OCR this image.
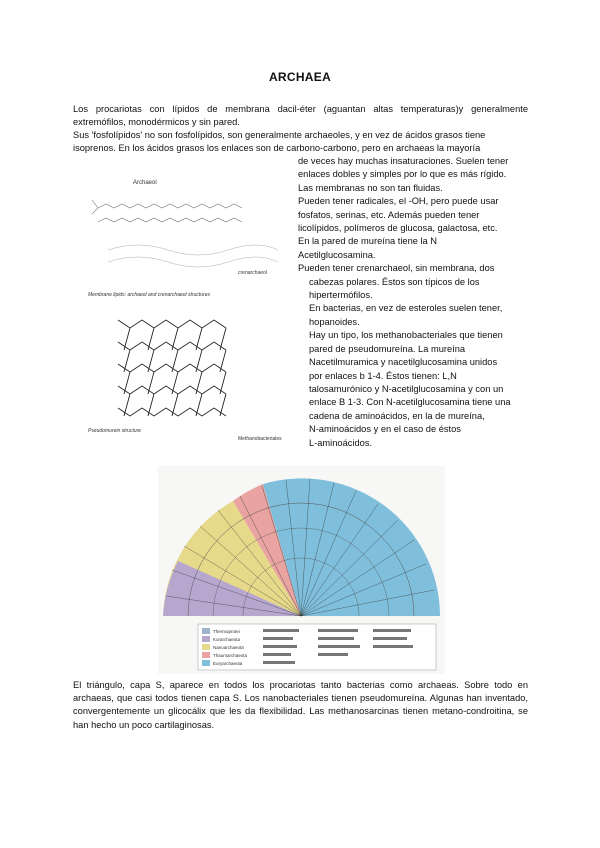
ARCHAEA
Los procariotas con lípidos de membrana dacil-éter (aguantan altas temperaturas)y generalmente extremófilos, monodérmicos y sin pared.
Sus 'fosfolípidos' no son fosfolípidos, son generalmente archaeoles, y en vez de ácidos grasos tiene
isoprenos. En los ácidos grasos los enlaces son de carbono-carbono, pero en archaeas la mayoría
Archaeol
crenarchaeol
Membrane lipids: archaeol and crenarchaeol structures
Pseudomurein structure
Methanobacteriales
de veces hay muchas insaturaciones. Suelen tener
enlaces dobles y simples por lo que es más rígido.
Las membranas no son tan fluidas.
Pueden tener radicales, el -OH, pero puede usar
fosfatos, serinas, etc. Además pueden tener
licolípidos, polímeros de glucosa, galactosa, etc.
En la pared de mureína tiene la N
Acetilglucosamina.
Pueden tener crenarchaeol, sin membrana, dos
cabezas polares. Éstos son típicos de los
hipertermófilos.
En bacterias, en vez de esteroles suelen tener,
hopanoides.
Hay un tipo, los methanobacteriales que tienen
pared de pseudomureína. La mureína
Nacetilmuramica y nacetilglucosamina unidos
por enlaces b 1-4. Éstos tienen: L,N
talosamurónico y N-acetilglucosamina y con un
enlace B 1-3. Con N-acetilglucosamina tiene una
cadena de aminoácidos, en la de mureína,
N-aminoácidos y en el caso de éstos
L-aminoácidos.
Thermoprotei
Korarchaeota
Nanoarchaeota
Thaumarchaeota
Euryarchaeota
El triángulo, capa S, aparece en todos los procariotas tanto bacterias como archaeas. Sobre todo en archaeas, que casi todos tienen capa S. Los nanobacteriales tienen pseudomureína. Algunas han inventado, convergentemente un glicocálix que les da flexibilidad. Las methanosarcinas tienen metano-condroitina, se han hecho un poco cartilaginosas.
